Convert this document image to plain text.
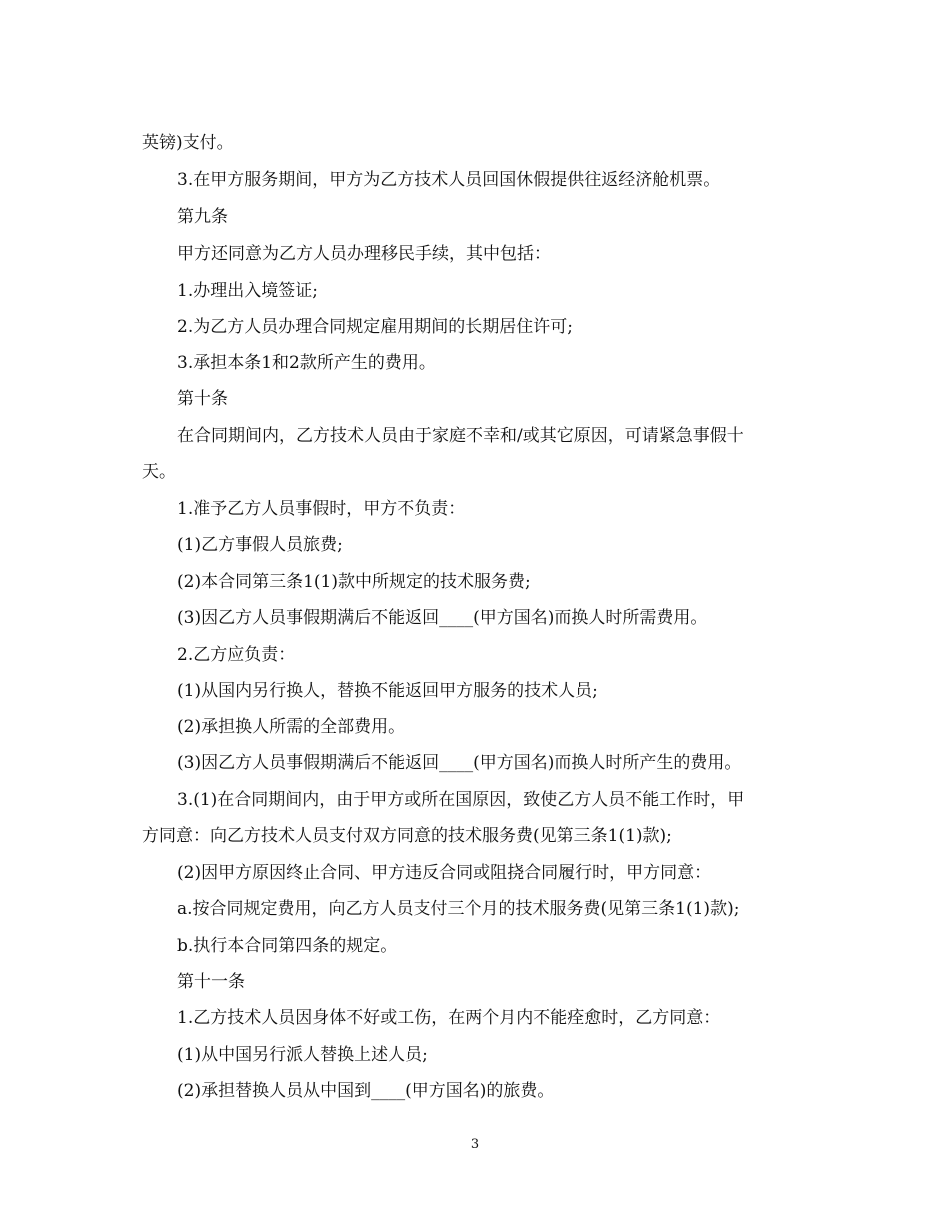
英镑)支付。
3.在甲方服务期间，甲方为乙方技术人员回国休假提供往返经济舱机票。
第九条
甲方还同意为乙方人员办理移民手续，其中包括：
1.办理出入境签证;
2.为乙方人员办理合同规定雇用期间的长期居住许可;
3.承担本条1和2款所产生的费用。
第十条
在合同期间内，乙方技术人员由于家庭不幸和/或其它原因，可请紧急事假十
天。
1.准予乙方人员事假时，甲方不负责：
(1)乙方事假人员旅费;
(2)本合同第三条1(1)款中所规定的技术服务费;
(3)因乙方人员事假期满后不能返回____(甲方国名)而换人时所需费用。
2.乙方应负责：
(1)从国内另行换人，替换不能返回甲方服务的技术人员;
(2)承担换人所需的全部费用。
(3)因乙方人员事假期满后不能返回____(甲方国名)而换人时所产生的费用。
3.(1)在合同期间内，由于甲方或所在国原因，致使乙方人员不能工作时，甲
方同意：向乙方技术人员支付双方同意的技术服务费(见第三条1(1)款);
(2)因甲方原因终止合同、甲方违反合同或阻挠合同履行时，甲方同意：
a.按合同规定费用，向乙方人员支付三个月的技术服务费(见第三条1(1)款);
b.执行本合同第四条的规定。
第十一条
1.乙方技术人员因身体不好或工伤，在两个月内不能痊愈时，乙方同意：
(1)从中国另行派人替换上述人员;
(2)承担替换人员从中国到____(甲方国名)的旅费。
3
